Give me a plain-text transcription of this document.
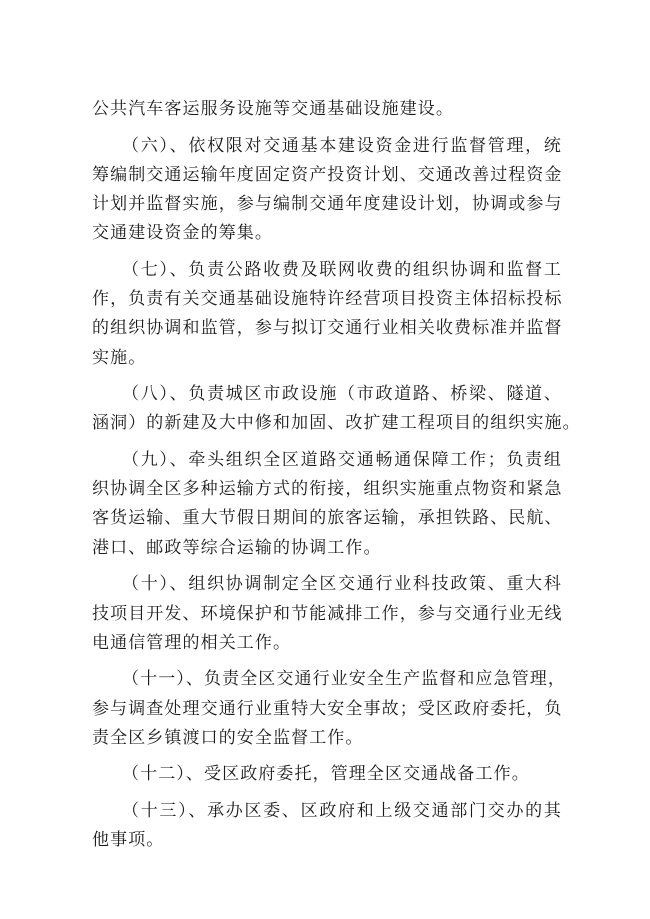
公共汽车客运服务设施等交通基础设施建设。
（六）、依权限对交通基本建设资金进行监督管理，统
筹编制交通运输年度固定资产投资计划、交通改善过程资金
计划并监督实施，参与编制交通年度建设计划，协调或参与
交通建设资金的筹集。
（七）、负责公路收费及联网收费的组织协调和监督工
作，负责有关交通基础设施特许经营项目投资主体招标投标
的组织协调和监管，参与拟订交通行业相关收费标准并监督
实施。
（八）、负责城区市政设施（市政道路、桥梁、隧道、
涵洞）的新建及大中修和加固、改扩建工程项目的组织实施。
（九）、牵头组织全区道路交通畅通保障工作；负责组
织协调全区多种运输方式的衔接，组织实施重点物资和紧急
客货运输、重大节假日期间的旅客运输，承担铁路、民航、
港口、邮政等综合运输的协调工作。
（十）、组织协调制定全区交通行业科技政策、重大科
技项目开发、环境保护和节能减排工作，参与交通行业无线
电通信管理的相关工作。
（十一）、负责全区交通行业安全生产监督和应急管理，
参与调查处理交通行业重特大安全事故；受区政府委托，负
责全区乡镇渡口的安全监督工作。
（十二）、受区政府委托，管理全区交通战备工作。
（十三）、承办区委、区政府和上级交通部门交办的其
他事项。
